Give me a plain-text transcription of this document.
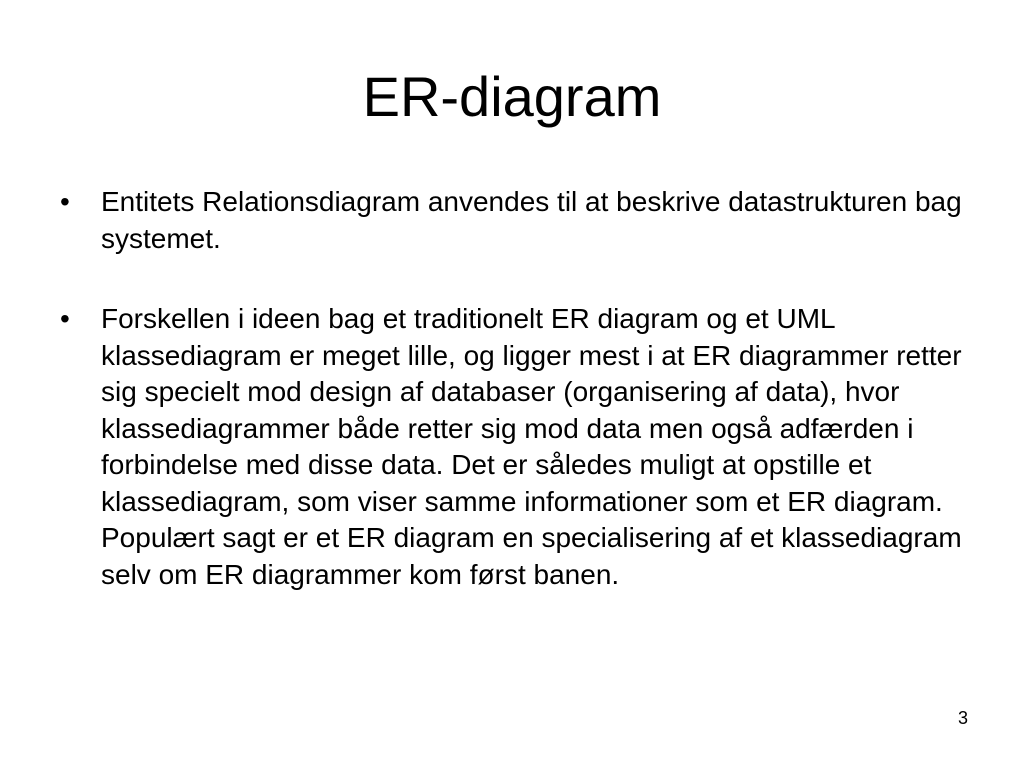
ER-diagram
•	Entitets Relationsdiagram anvendes til at beskrive datastrukturen bag systemet.
•	Forskellen i ideen bag et traditionelt ER diagram og et UML klassediagram er meget lille, og ligger mest i at ER diagrammer retter sig specielt mod design af databaser (organisering af data), hvor klassediagrammer både retter sig mod data men også adfærden i forbindelse med disse data. Det er således muligt at opstille et klassediagram, som viser samme informationer som et ER diagram. Populært sagt er et ER diagram en specialisering af et klassediagram selv om ER diagrammer kom først banen.
3
